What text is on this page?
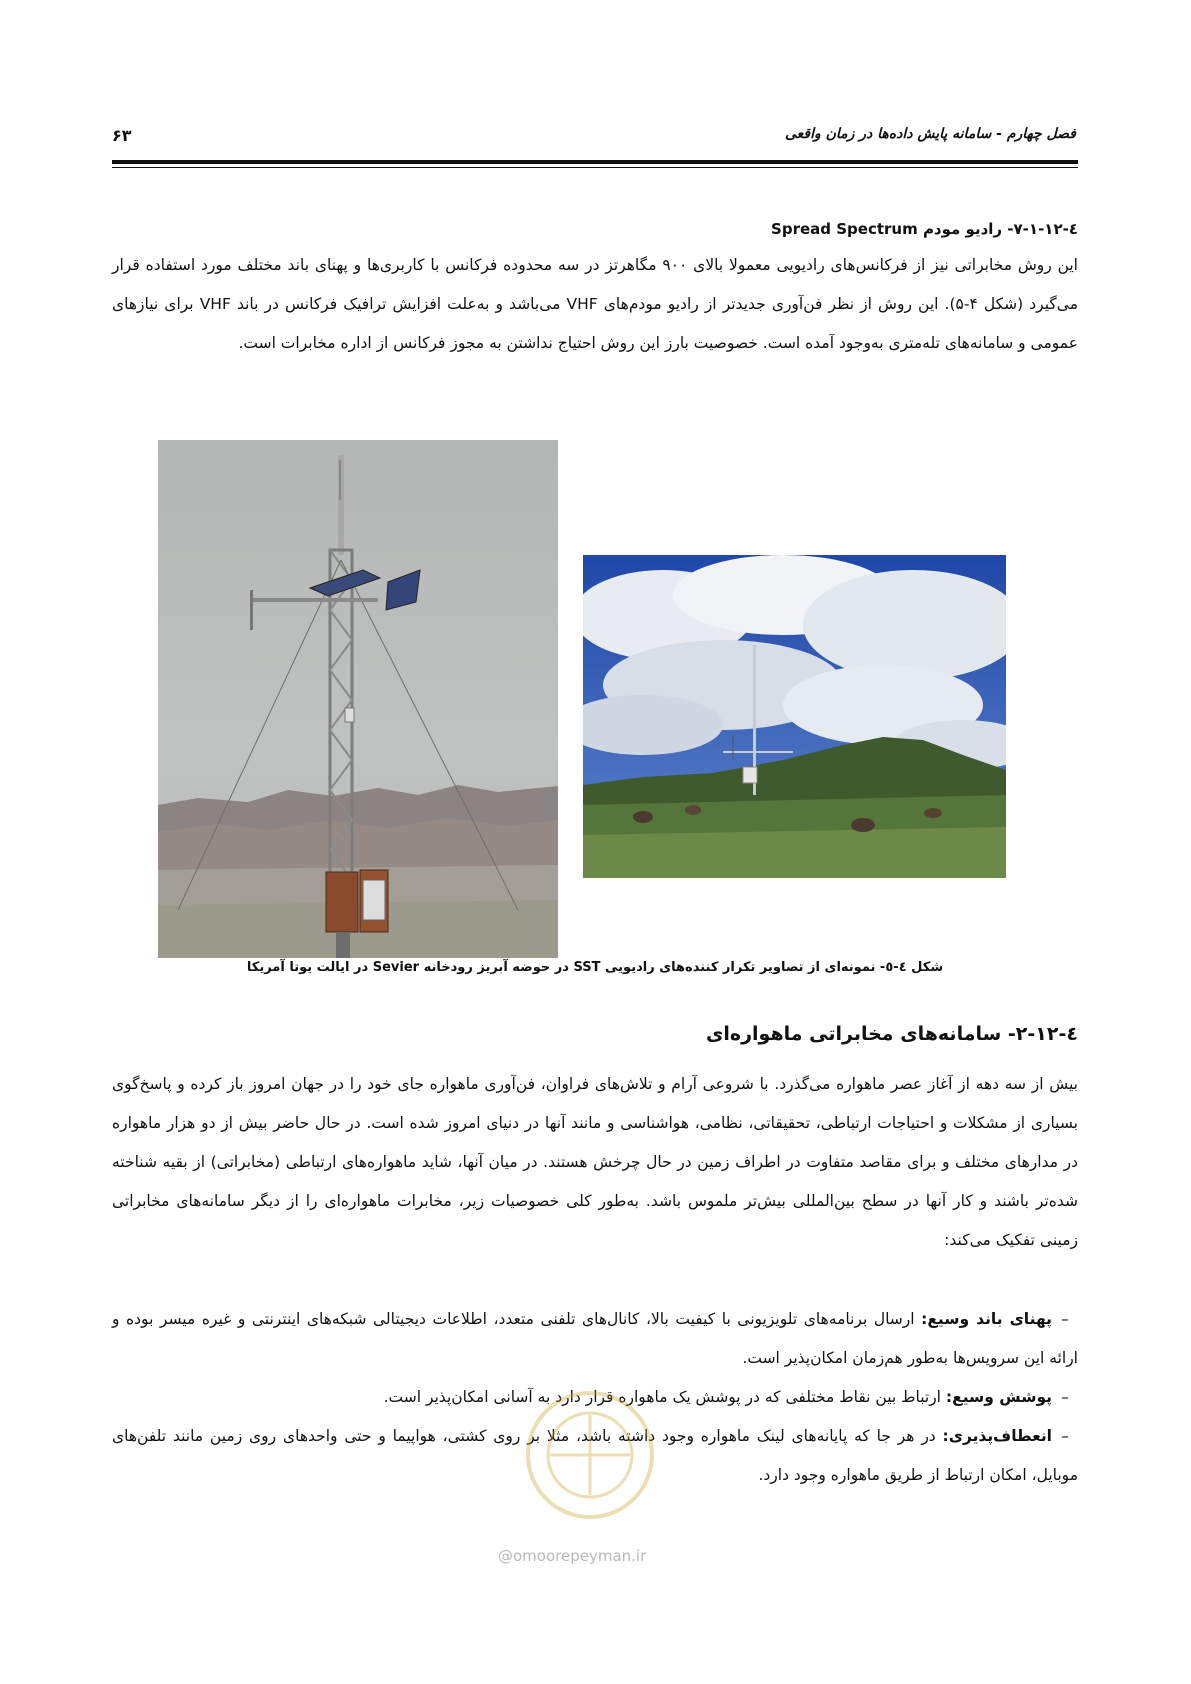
فصل چهارم - سامانه پایش داده‌ها در زمان واقعی
۶۳
٤-١٢-١-٧- رادیو مودم Spread Spectrum
این روش مخابراتی نیز از فرکانس‌های رادیویی معمولا بالای ۹۰۰ مگاهرتز در سه محدوده فرکانس با کاربری‌ها و پهنای باند مختلف مورد استفاده قرار می‌گیرد (شکل ۴-۵). این روش از نظر فن‌آوری جدیدتر از رادیو مودم‌های VHF می‌باشد و به‌علت افزایش ترافیک فرکانس در باند VHF برای نیازهای عمومی و سامانه‌های تله‌متری به‌وجود آمده است. خصوصیت بارز این روش احتیاج نداشتن به مجوز فرکانس از اداره مخابرات است.
شکل ٤-٥- نمونه‌ای از تصاویر تکرار کننده‌های رادیویی SST در حوضه آبریز رودخانه Sevier در ایالت یوتا آمریکا
٤-١٢-٢- سامانه‌های مخابراتی ماهواره‌ای
بیش از سه دهه از آغاز عصر ماهواره می‌گذرد. با شروعی آرام و تلاش‌های فراوان، فن‌آوری ماهواره جای خود را در جهان امروز باز کرده و پاسخ‌گوی بسیاری از مشکلات و احتیاجات ارتباطی، تحقیقاتی، نظامی، هواشناسی و مانند آنها در دنیای امروز شده است. در حال حاضر بیش از دو هزار ماهواره در مدارهای مختلف و برای مقاصد متفاوت در اطراف زمین در حال چرخش هستند. در میان آنها، شاید ماهواره‌های ارتباطی (مخابراتی) از بقیه شناخته شده‌تر باشند و کار آنها در سطح بین‌المللی بیش‌تر ملموس باشد. به‌طور کلی خصوصیات زیر، مخابرات ماهواره‌ای را از دیگر سامانه‌های مخابراتی زمینی تفکیک می‌کند:
–پهنای باند وسیع: ارسال برنامه‌های تلویزیونی با کیفیت بالا، کانال‌های تلفنی متعدد، اطلاعات دیجیتالی شبکه‌های اینترنتی و غیره میسر بوده و ارائه این سرویس‌ها به‌طور هم‌زمان امکان‌پذیر است.
–پوشش وسیع: ارتباط بین نقاط مختلفی که در پوشش یک ماهواره قرار دارد به آسانی امکان‌پذیر است.
–انعطاف‌پذیری: در هر جا که پایانه‌های لینک ماهواره وجود داشته باشد، مثلا بر روی کشتی، هواپیما و حتی واحدهای روی زمین مانند تلفن‌های موبایل، امکان ارتباط از طریق ماهواره وجود دارد.
@omoorepeyman.ir
